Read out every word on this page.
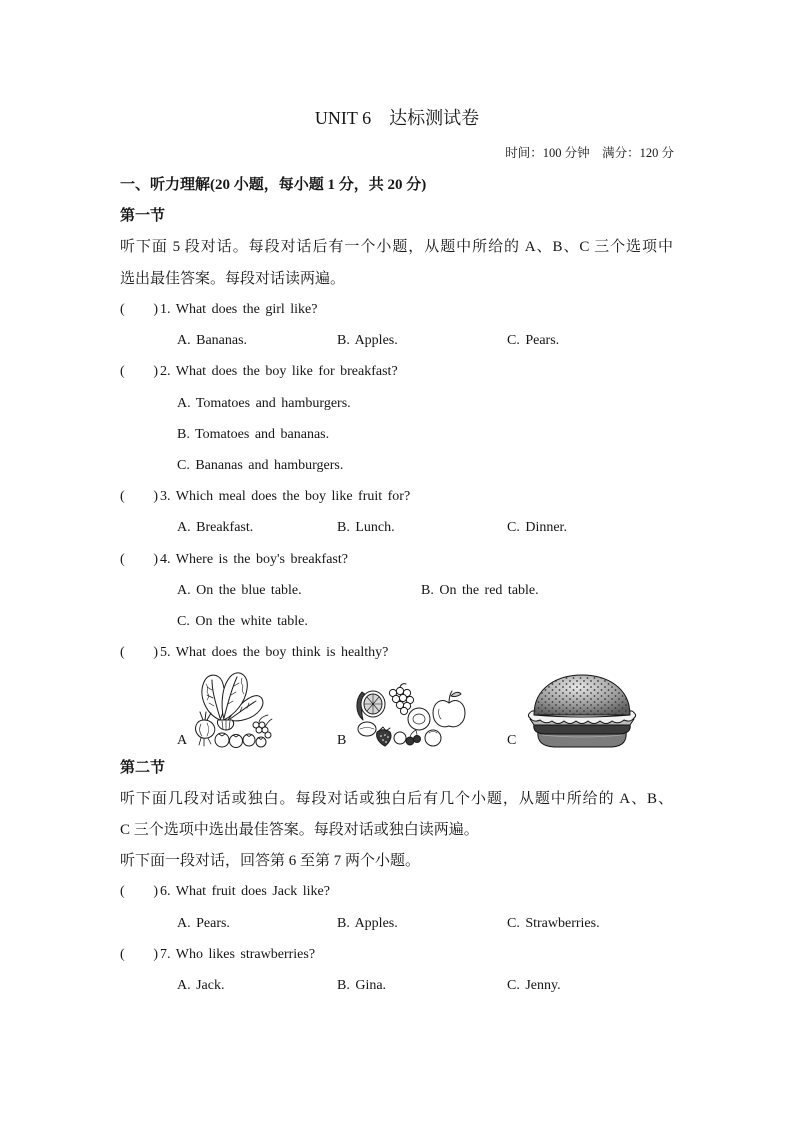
UNIT 6　达标测试卷
时间：100 分钟　满分：120 分
一、听力理解(20 小题，每小题 1 分，共 20 分)
第一节
听下面 5 段对话。每段对话后有一个小题，从题中所给的 A、B、C 三个选项中
选出最佳答案。每段对话读两遍。
( ) 1. What does the girl like?
A. Bananas.	B. Apples.	C. Pears.
( ) 2. What does the boy like for breakfast?
A. Tomatoes and hamburgers.
B. Tomatoes and bananas.
C. Bananas and hamburgers.
( ) 3. Which meal does the boy like fruit for?
A. Breakfast.	B. Lunch.	C. Dinner.
( ) 4. Where is the boy's breakfast?
A. On the blue table.	B. On the red table.
C. On the white table.
( ) 5. What does the boy think is healthy?
A	B	C
第二节
听下面几段对话或独白。每段对话或独白后有几个小题，从题中所给的 A、B、
C 三个选项中选出最佳答案。每段对话或独白读两遍。
听下面一段对话，回答第 6 至第 7 两个小题。
( ) 6. What fruit does Jack like?
A. Pears.	B. Apples.	C. Strawberries.
( ) 7. Who likes strawberries?
A. Jack.	B. Gina.	C. Jenny.
